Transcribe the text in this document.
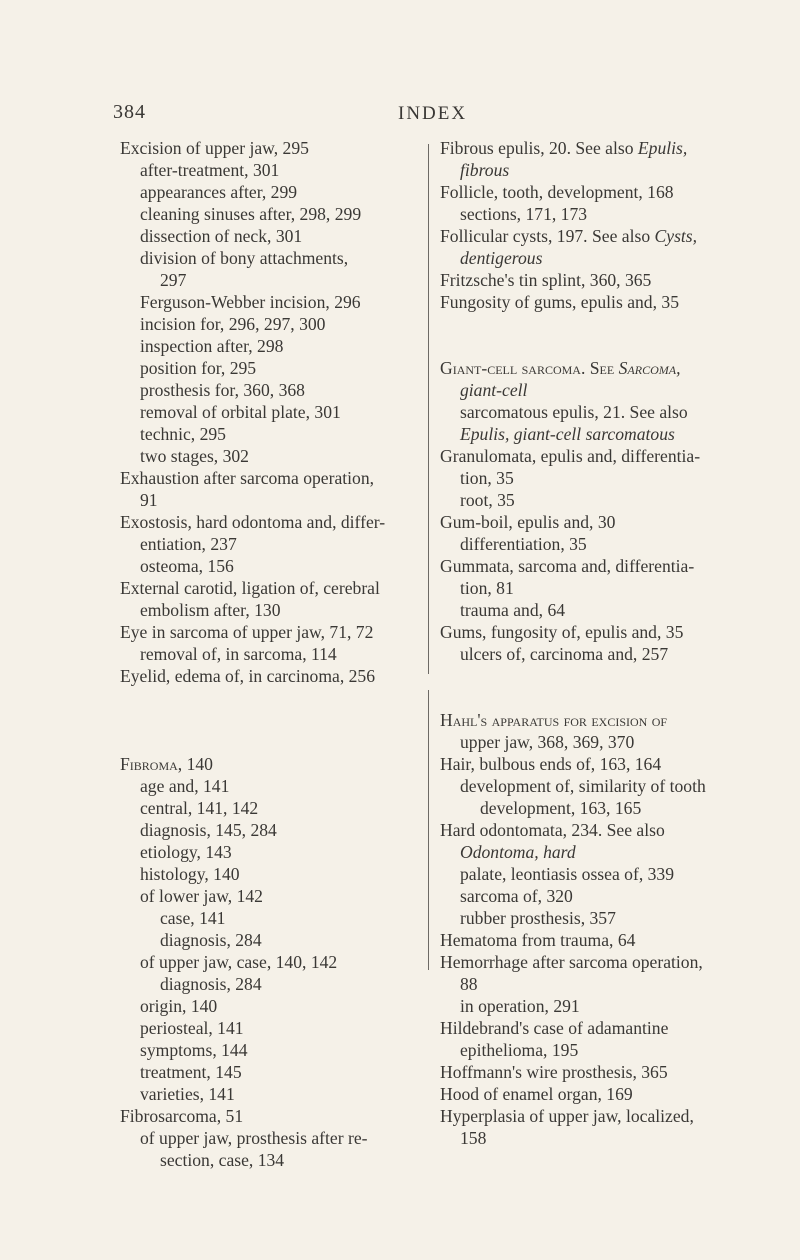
384	INDEX
Excision of upper jaw, 295
after-treatment, 301
appearances after, 299
cleaning sinuses after, 298, 299
dissection of neck, 301
division of bony attachments,
297
Ferguson-Webber incision, 296
incision for, 296, 297, 300
inspection after, 298
position for, 295
prosthesis for, 360, 368
removal of orbital plate, 301
technic, 295
two stages, 302
Exhaustion after sarcoma operation,
91
Exostosis, hard odontoma and, differ-
entiation, 237
osteoma, 156
External carotid, ligation of, cerebral
embolism after, 130
Eye in sarcoma of upper jaw, 71, 72
removal of, in sarcoma, 114
Eyelid, edema of, in carcinoma, 256
Fibroma, 140
age and, 141
central, 141, 142
diagnosis, 145, 284
etiology, 143
histology, 140
of lower jaw, 142
case, 141
diagnosis, 284
of upper jaw, case, 140, 142
diagnosis, 284
origin, 140
periosteal, 141
symptoms, 144
treatment, 145
varieties, 141
Fibrosarcoma, 51
of upper jaw, prosthesis after re-
section, case, 134
Fibrous epulis, 20. See also Epulis,
fibrous
Follicle, tooth, development, 168
sections, 171, 173
Follicular cysts, 197. See also Cysts,
dentigerous
Fritzsche's tin splint, 360, 365
Fungosity of gums, epulis and, 35
Giant-cell sarcoma. See Sarcoma,
giant-cell
sarcomatous epulis, 21. See also
Epulis, giant-cell sarcomatous
Granulomata, epulis and, differentia-
tion, 35
root, 35
Gum-boil, epulis and, 30
differentiation, 35
Gummata, sarcoma and, differentia-
tion, 81
trauma and, 64
Gums, fungosity of, epulis and, 35
ulcers of, carcinoma and, 257
Hahl's apparatus for excision of
upper jaw, 368, 369, 370
Hair, bulbous ends of, 163, 164
development of, similarity of tooth
development, 163, 165
Hard odontomata, 234. See also
Odontoma, hard
palate, leontiasis ossea of, 339
sarcoma of, 320
rubber prosthesis, 357
Hematoma from trauma, 64
Hemorrhage after sarcoma operation,
88
in operation, 291
Hildebrand's case of adamantine
epithelioma, 195
Hoffmann's wire prosthesis, 365
Hood of enamel organ, 169
Hyperplasia of upper jaw, localized,
158
